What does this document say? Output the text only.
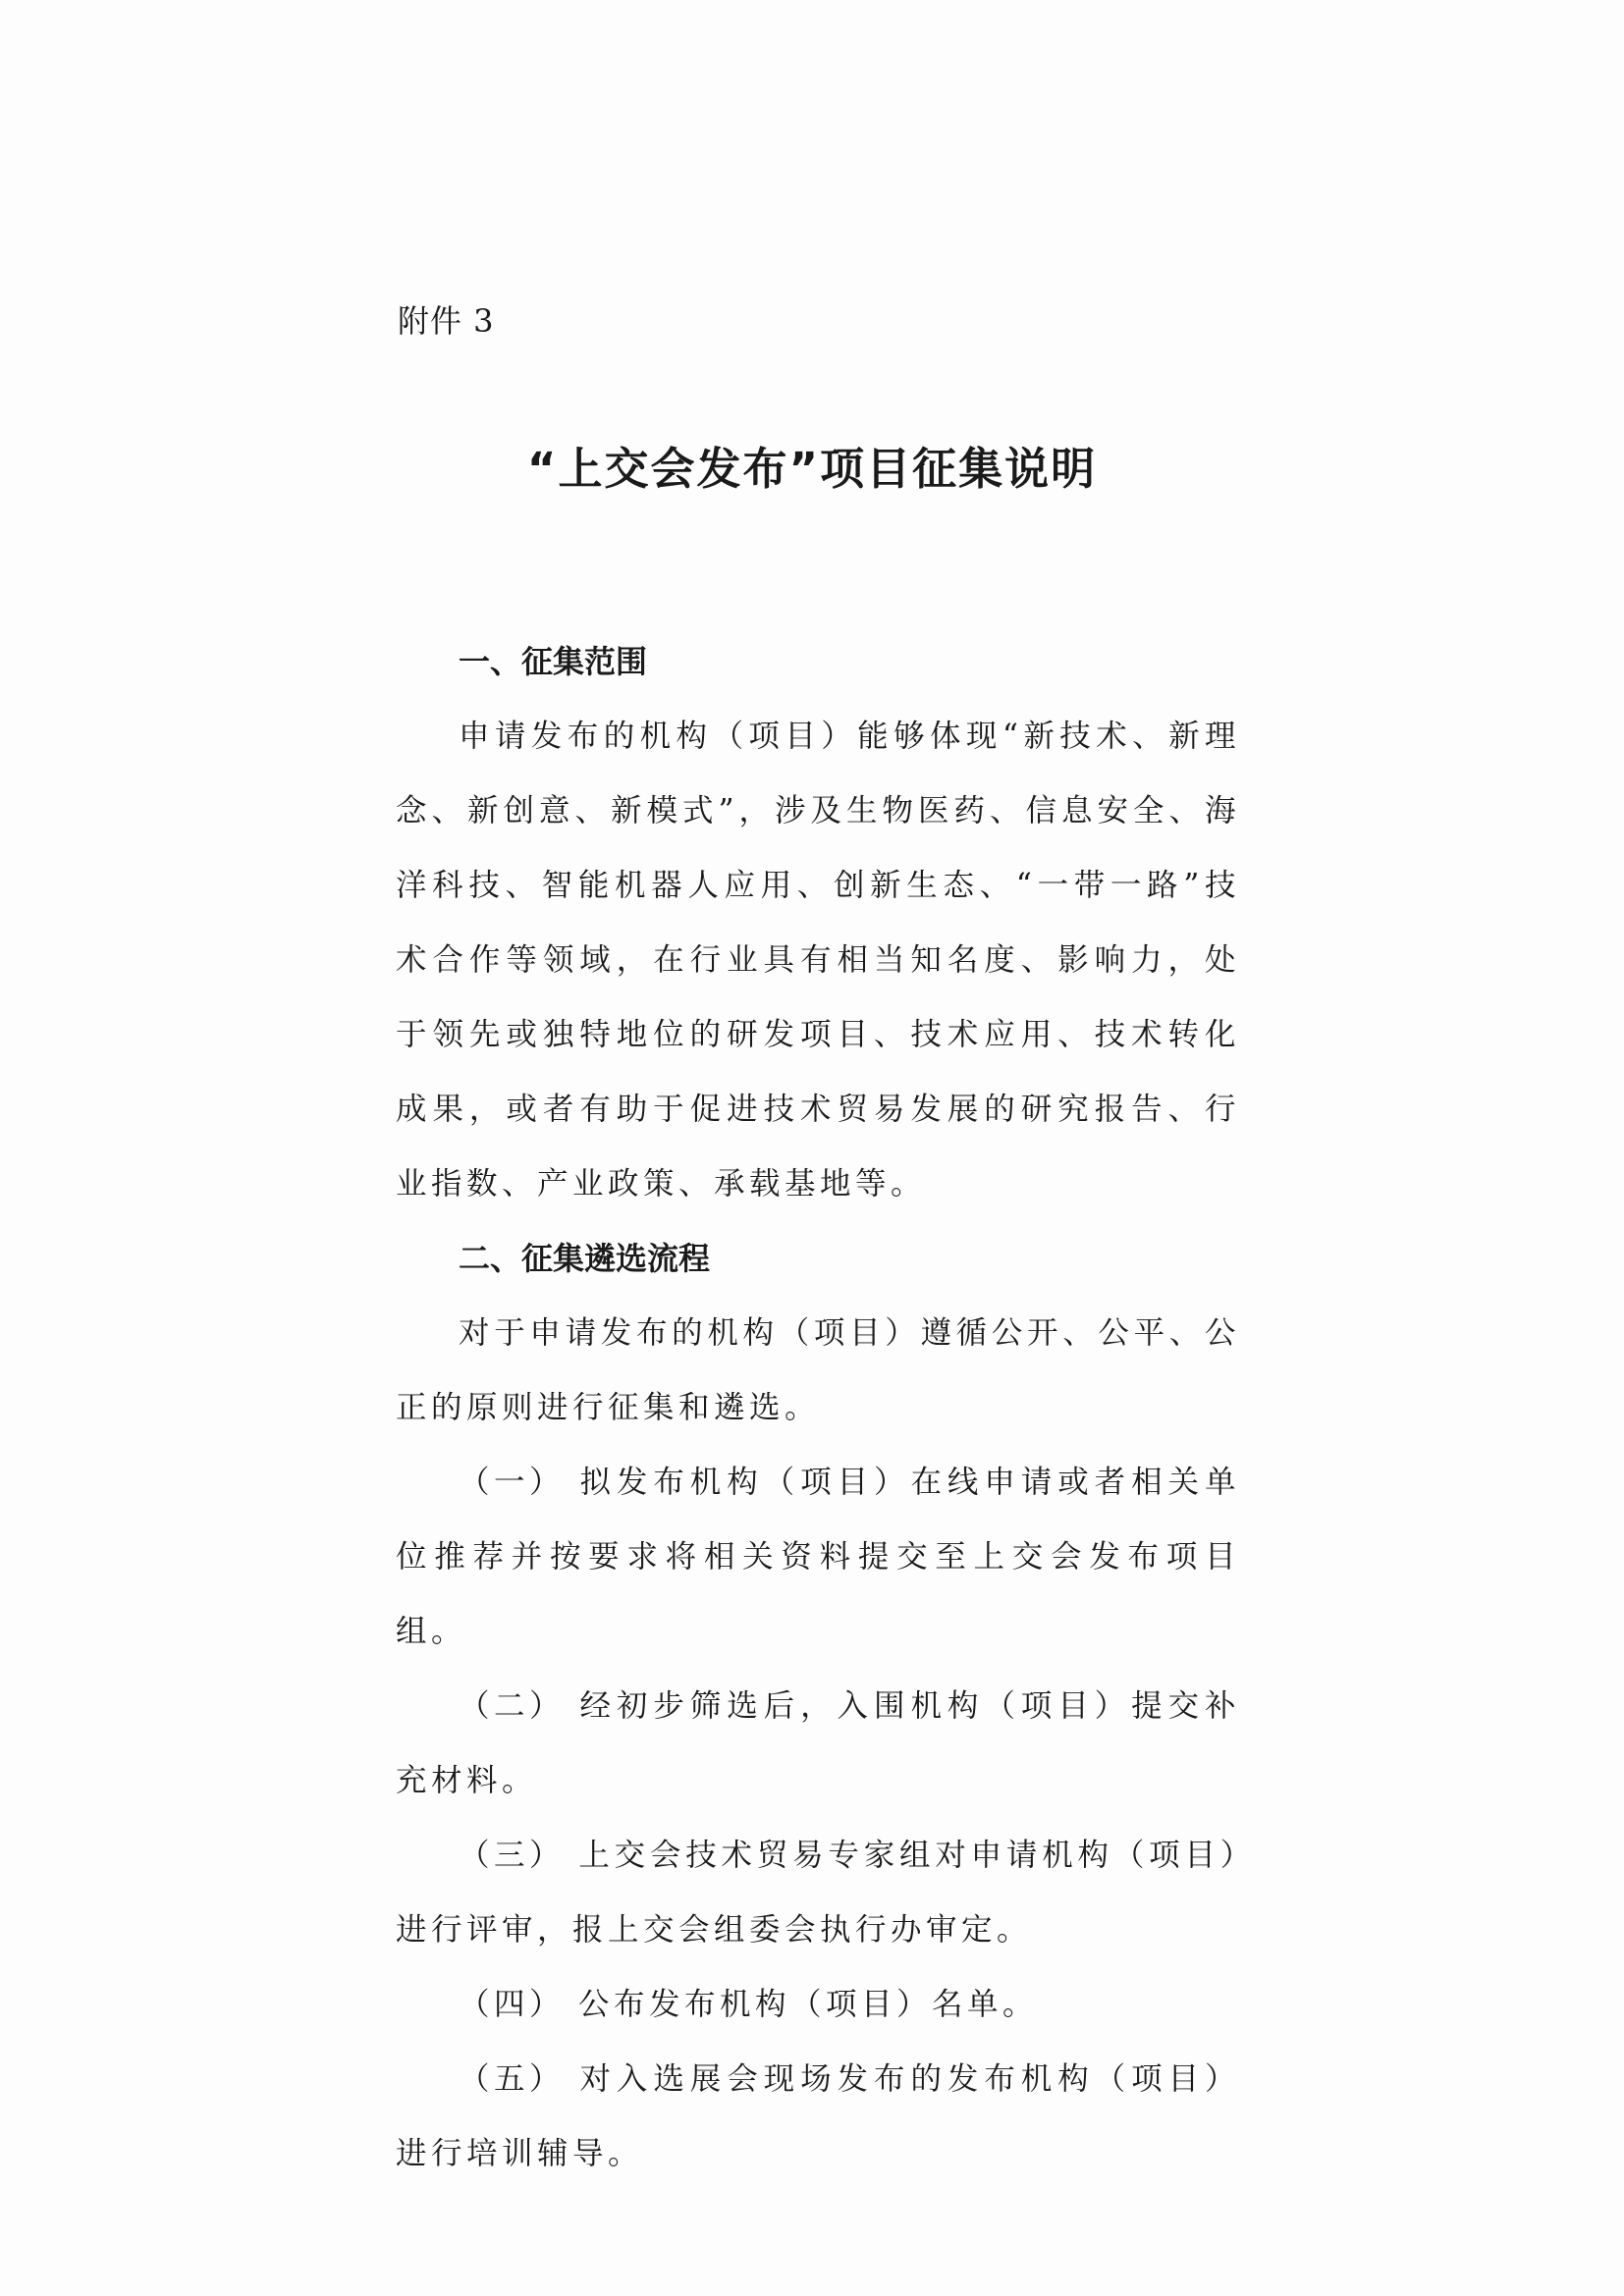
附件 3
“上交会发布”项目征集说明
一、征集范围

申请发布的机构（项目）能够体现“新技术、新理念、新创意、新模式”，涉及生物医药、信息安全、海洋科技、智能机器人应用、创新生态、“一带一路”技术合作等领域，在行业具有相当知名度、影响力，处于领先或独特地位的研发项目、技术应用、技术转化成果，或者有助于促进技术贸易发展的研究报告、行业指数、产业政策、承载基地等。

二、征集遴选流程

对于申请发布的机构（项目）遵循公开、公平、公正的原则进行征集和遴选。

（一） 拟发布机构（项目）在线申请或者相关单位推荐并按要求将相关资料提交至上交会发布项目组。

（二） 经初步筛选后，入围机构（项目）提交补充材料。

（三） 上交会技术贸易专家组对申请机构（项目）进行评审，报上交会组委会执行办审定。

（四） 公布发布机构（项目）名单。

（五） 对入选展会现场发布的发布机构（项目）进行培训辅导。
